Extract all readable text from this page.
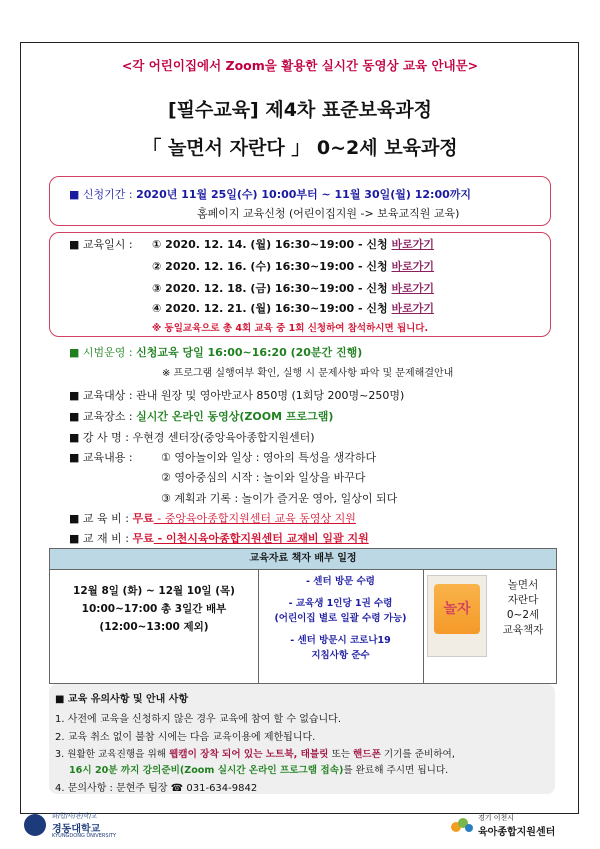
<각 어린이집에서 Zoom을 활용한 실시간 동영상 교육 안내문>
[필수교육] 제4차 표준보육과정
「 놀면서 자란다 」 0~2세 보육과정
■ 신청기간 : 2020년 11월 25일(수) 10:00부터 ~ 11월 30일(월) 12:00까지
홈페이지 교육신청 (어린이집지원 -> 보육교직원 교육)
■ 교육일시 : ① 2020. 12. 14. (월) 16:30~19:00 - 신청 바로가기
② 2020. 12. 16. (수) 16:30~19:00 - 신청 바로가기
③ 2020. 12. 18. (금) 16:30~19:00 - 신청 바로가기
④ 2020. 12. 21. (월) 16:30~19:00 - 신청 바로가기
※ 동일교육으로 총 4회 교육 중 1회 신청하여 참석하시면 됩니다.
■ 시범운영 : 신청교육 당일 16:00~16:20 (20분간 진행)
※ 프로그램 실행여부 확인, 실행 시 문제사항 파악 및 문제해결안내
■ 교육대상 : 관내 원장 및 영아반교사 850명 (1회당 200명~250명)
■ 교육장소 : 실시간 온라인 동영상(ZOOM 프로그램)
■ 강 사 명 : 우현경 센터장(중앙육아종합지원센터)
■ 교육내용 :	① 영아놀이와 일상 : 영아의 특성을 생각하다
② 영아중심의 시작 : 놀이와 일상을 바꾸다
③ 계획과 기록 : 놀이가 즐거운 영아, 일상이 되다
■ 교 육 비 : 무료 - 중앙육아종합지원센터 교육 동영상 지원
■ 교 재 비 : 무료 - 이천시육아종합지원센터 교재비 일괄 지원
교육자료 책자 배부 일정
12월 8일 (화) ~ 12월 10일 (목)
10:00~17:00 총 3일간 배부
(12:00~13:00 제외)
- 센터 방문 수령
- 교육생 1인당 1권 수령
(어린이집 별로 일괄 수령 가능)
- 센터 방문시 코로나19
지침사항 준수
놀면서
자란다
0~2세
교육책자
놀자
■ 교육 유의사항 및 안내 사항
1. 사전에 교육을 신청하지 않은 경우 교육에 참여 할 수 없습니다.
2. 교육 취소 없이 불참 시에는 다음 교육이용에 제한됩니다.
3. 원활한 교육진행을 위해 웹캠이 장착 되어 있는 노트북, 태블릿 또는 핸드폰 기기를 준비하여,
16시 20분 까지 강의준비(Zoom 실시간 온라인 프로그램 접속)를 완료해 주시면 됩니다.
4. 문의사항 : 문현주 팀장 ☎ 031-634-9842
화/합/사/관/학/교
경동대학교
KYUNGDONG UNIVERSITY
경기 이천시
육아종합지원센터
